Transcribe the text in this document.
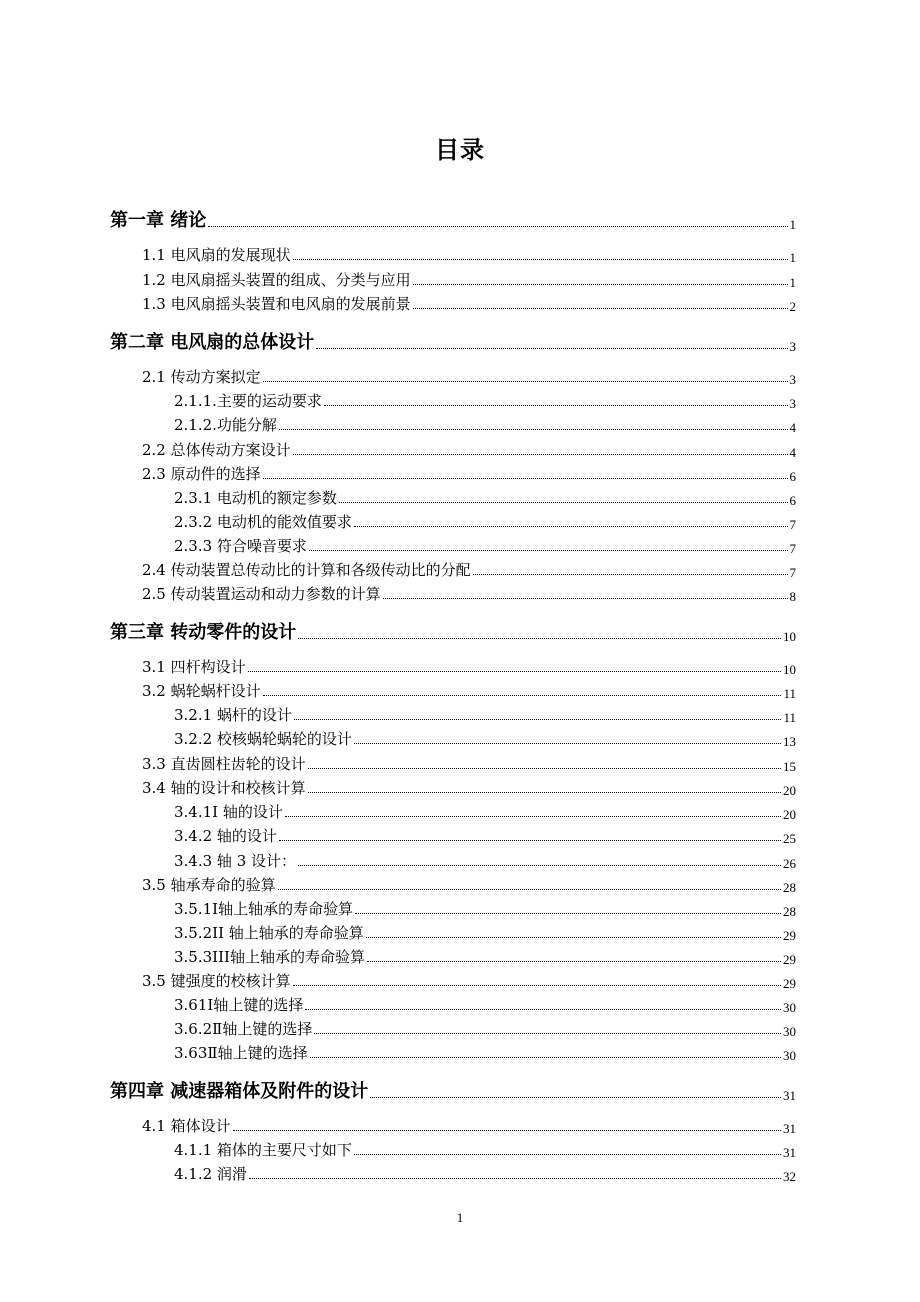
目录
第一章 绪论	1
1.1 电风扇的发展现状	1
1.2 电风扇摇头装置的组成、分类与应用	1
1.3 电风扇摇头装置和电风扇的发展前景	2
第二章 电风扇的总体设计	3
2.1 传动方案拟定	3
2.1.1.主要的运动要求	3
2.1.2.功能分解	4
2.2 总体传动方案设计	4
2.3 原动件的选择	6
2.3.1 电动机的额定参数	6
2.3.2 电动机的能效值要求	7
2.3.3 符合噪音要求	7
2.4 传动装置总传动比的计算和各级传动比的分配	7
2.5 传动装置运动和动力参数的计算	8
第三章 转动零件的设计	10
3.1 四杆构设计	10
3.2 蜗轮蜗杆设计	11
3.2.1 蜗杆的设计	11
3.2.2 校核蜗轮蜗轮的设计	13
3.3 直齿圆柱齿轮的设计	15
3.4 轴的设计和校核计算	20
3.4.1I 轴的设计	20
3.4.2 轴的设计	25
3.4.3 轴 3 设计：	26
3.5 轴承寿命的验算	28
3.5.1Ⅰ轴上轴承的寿命验算	28
3.5.2II 轴上轴承的寿命验算	29
3.5.3III轴上轴承的寿命验算	29
3.5 键强度的校核计算	29
3.61Ⅰ轴上键的选择	30
3.6.2Ⅱ轴上键的选择	30
3.63Ⅱ轴上键的选择	30
第四章 减速器箱体及附件的设计	31
4.1 箱体设计	31
4.1.1 箱体的主要尺寸如下	31
4.1.2 润滑	32
1
